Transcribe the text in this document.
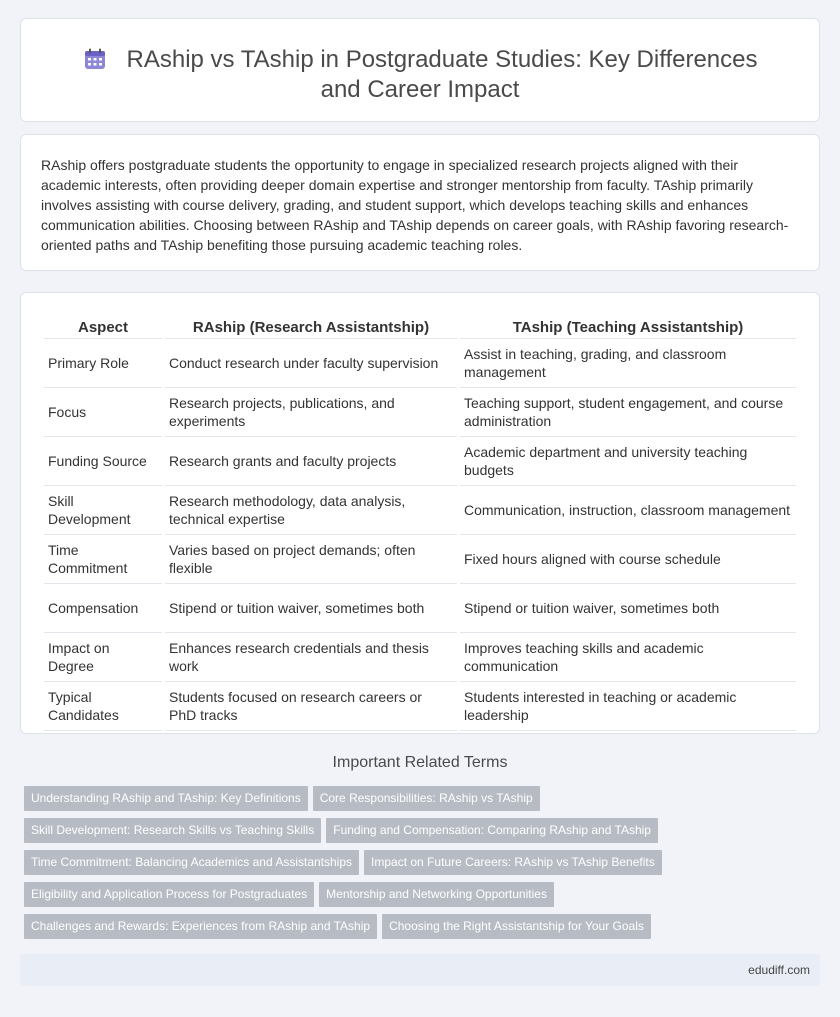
RAship vs TAship in Postgraduate Studies: Key Differences and Career Impact

RAship offers postgraduate students the opportunity to engage in specialized research projects aligned with their academic interests, often providing deeper domain expertise and stronger mentorship from faculty. TAship primarily involves assisting with course delivery, grading, and student support, which develops teaching skills and enhances communication abilities. Choosing between RAship and TAship depends on career goals, with RAship favoring research-oriented paths and TAship benefiting those pursuing academic teaching roles.

Aspect	RAship (Research Assistantship)	TAship (Teaching Assistantship)
Primary Role	Conduct research under faculty supervision	Assist in teaching, grading, and classroom management
Focus	Research projects, publications, and experiments	Teaching support, student engagement, and course administration
Funding Source	Research grants and faculty projects	Academic department and university teaching budgets
Skill Development	Research methodology, data analysis, technical expertise	Communication, instruction, classroom management
Time Commitment	Varies based on project demands; often flexible	Fixed hours aligned with course schedule
Compensation	Stipend or tuition waiver, sometimes both	Stipend or tuition waiver, sometimes both
Impact on Degree	Enhances research credentials and thesis work	Improves teaching skills and academic communication
Typical Candidates	Students focused on research careers or PhD tracks	Students interested in teaching or academic leadership
Important Related Terms
Understanding RAship and TAship: Key Definitions Core Responsibilities: RAship vs TAship
Skill Development: Research Skills vs Teaching Skills Funding and Compensation: Comparing RAship and TAship
Time Commitment: Balancing Academics and Assistantships Impact on Future Careers: RAship vs TAship Benefits
Eligibility and Application Process for Postgraduates Mentorship and Networking Opportunities
Challenges and Rewards: Experiences from RAship and TAship Choosing the Right Assistantship for Your Goals
edudiff.com
